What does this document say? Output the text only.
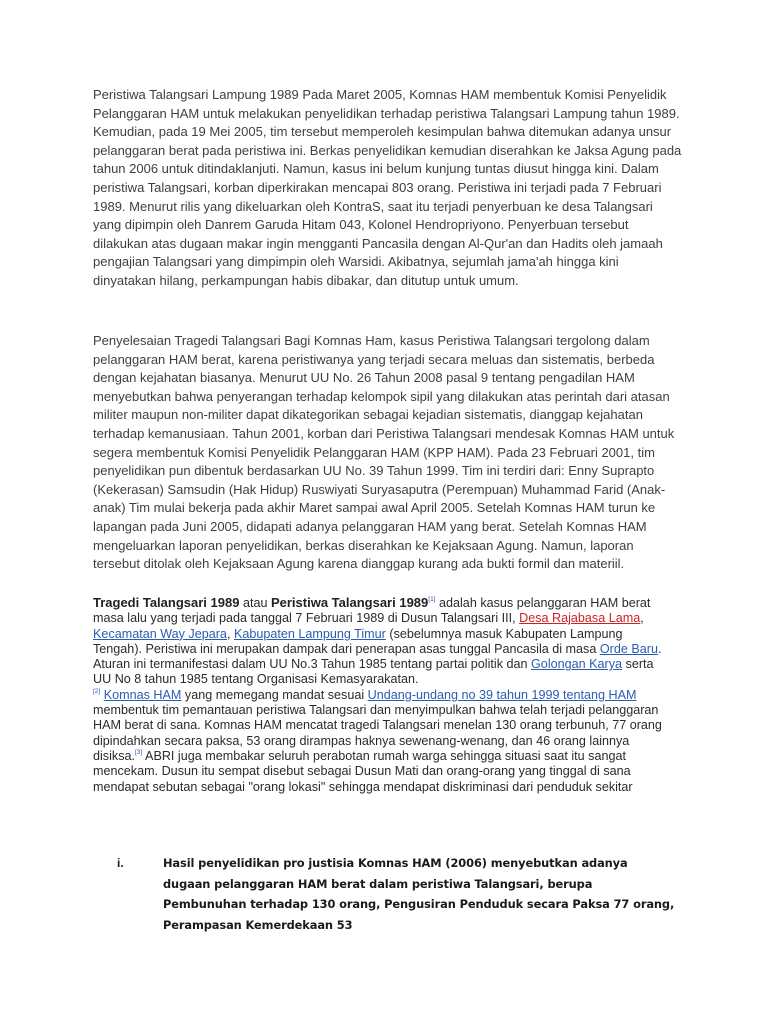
Peristiwa Talangsari Lampung 1989 Pada Maret 2005, Komnas HAM membentuk Komisi Penyelidik Pelanggaran HAM untuk melakukan penyelidikan terhadap peristiwa Talangsari Lampung tahun 1989. Kemudian, pada 19 Mei 2005, tim tersebut memperoleh kesimpulan bahwa ditemukan adanya unsur pelanggaran berat pada peristiwa ini. Berkas penyelidikan kemudian diserahkan ke Jaksa Agung pada tahun 2006 untuk ditindaklanjuti. Namun, kasus ini belum kunjung tuntas diusut hingga kini. Dalam peristiwa Talangsari, korban diperkirakan mencapai 803 orang. Peristiwa ini terjadi pada 7 Februari 1989. Menurut rilis yang dikeluarkan oleh KontraS, saat itu terjadi penyerbuan ke desa Talangsari yang dipimpin oleh Danrem Garuda Hitam 043, Kolonel Hendropriyono. Penyerbuan tersebut dilakukan atas dugaan makar ingin mengganti Pancasila dengan Al-Qur'an dan Hadits oleh jamaah pengajian Talangsari yang dimpimpin oleh Warsidi. Akibatnya, sejumlah jama'ah hingga kini dinyatakan hilang, perkampungan habis dibakar, dan ditutup untuk umum.

Penyelesaian Tragedi Talangsari Bagi Komnas Ham, kasus Peristiwa Talangsari tergolong dalam pelanggaran HAM berat, karena peristiwanya yang terjadi secara meluas dan sistematis, berbeda dengan kejahatan biasanya. Menurut UU No. 26 Tahun 2008 pasal 9 tentang pengadilan HAM menyebutkan bahwa penyerangan terhadap kelompok sipil yang dilakukan atas perintah dari atasan militer maupun non-militer dapat dikategorikan sebagai kejadian sistematis, dianggap kejahatan terhadap kemanusiaan. Tahun 2001, korban dari Peristiwa Talangsari mendesak Komnas HAM untuk segera membentuk Komisi Penyelidik Pelanggaran HAM (KPP HAM). Pada 23 Februari 2001, tim penyelidikan pun dibentuk berdasarkan UU No. 39 Tahun 1999. Tim ini terdiri dari: Enny Suprapto (Kekerasan) Samsudin (Hak Hidup) Ruswiyati Suryasaputra (Perempuan) Muhammad Farid (Anak-anak) Tim mulai bekerja pada akhir Maret sampai awal April 2005. Setelah Komnas HAM turun ke lapangan pada Juni 2005, didapati adanya pelanggaran HAM yang berat. Setelah Komnas HAM mengeluarkan laporan penyelidikan, berkas diserahkan ke Kejaksaan Agung. Namun, laporan tersebut ditolak oleh Kejaksaan Agung karena dianggap kurang ada bukti formil dan materiil.

Tragedi Talangsari 1989 atau Peristiwa Talangsari 1989[1] adalah kasus pelanggaran HAM berat masa lalu yang terjadi pada tanggal 7 Februari 1989 di Dusun Talangsari III, Desa Rajabasa Lama, Kecamatan Way Jepara, Kabupaten Lampung Timur (sebelumnya masuk Kabupaten Lampung Tengah). Peristiwa ini merupakan dampak dari penerapan asas tunggal Pancasila di masa Orde Baru. Aturan ini termanifestasi dalam UU No.3 Tahun 1985 tentang partai politik dan Golongan Karya serta UU No 8 tahun 1985 tentang Organisasi Kemasyarakatan.
[2] Komnas HAM yang memegang mandat sesuai Undang-undang no 39 tahun 1999 tentang HAM membentuk tim pemantauan peristiwa Talangsari dan menyimpulkan bahwa telah terjadi pelanggaran HAM berat di sana. Komnas HAM mencatat tragedi Talangsari menelan 130 orang terbunuh, 77 orang dipindahkan secara paksa, 53 orang dirampas haknya sewenang-wenang, dan 46 orang lainnya disiksa.[3] ABRI juga membakar seluruh perabotan rumah warga sehingga situasi saat itu sangat mencekam. Dusun itu sempat disebut sebagai Dusun Mati dan orang-orang yang tinggal di sana mendapat sebutan sebagai "orang lokasi" sehingga mendapat diskriminasi dari penduduk sekitar

i.	Hasil penyelidikan pro justisia Komnas HAM (2006) menyebutkan adanya dugaan pelanggaran HAM berat dalam peristiwa Talangsari, berupa Pembunuhan terhadap 130 orang, Pengusiran Penduduk secara Paksa 77 orang, Perampasan Kemerdekaan 53
